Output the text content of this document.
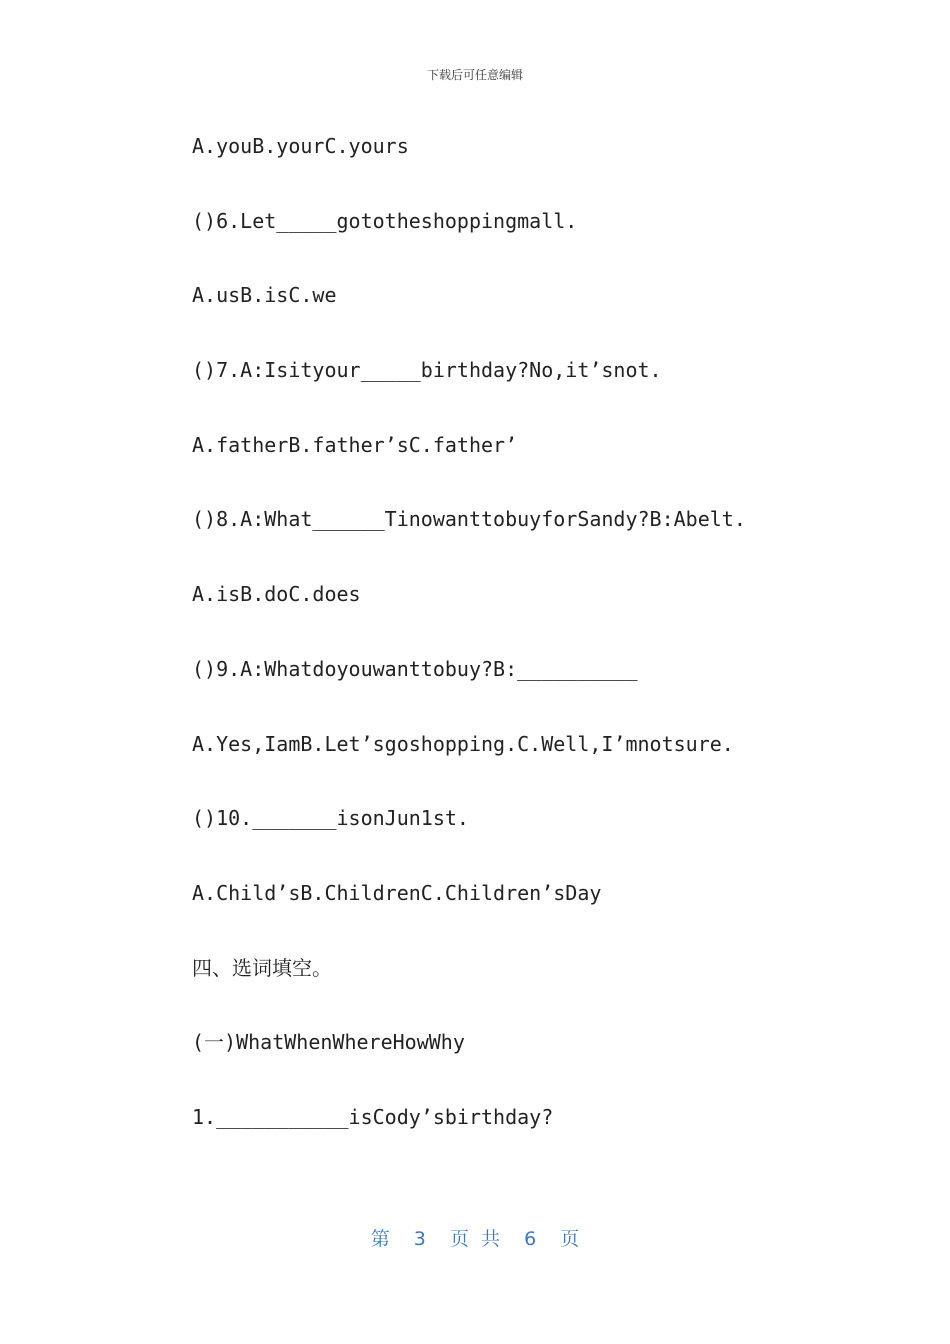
下载后可任意编辑
A.youB.yourC.yours
()6.Let_____gototheshoppingmall.
A.usB.isC.we
()7.A:Isityour_____birthday?No,it’snot.
A.fatherB.father’sC.father’
()8.A:What______TinowanttobuyforSandy?B:Abelt.
A.isB.doC.does
()9.A:Whatdoyouwanttobuy?B:__________
A.Yes,IamB.Let’sgoshopping.C.Well,I’mnotsure.
()10._______isonJun1st.
A.Child’sB.ChildrenC.Children’sDay
四、选词填空。
(一)WhatWhenWhereHowWhy
1.___________isCody’sbirthday?
第  3  页 共  6  页
